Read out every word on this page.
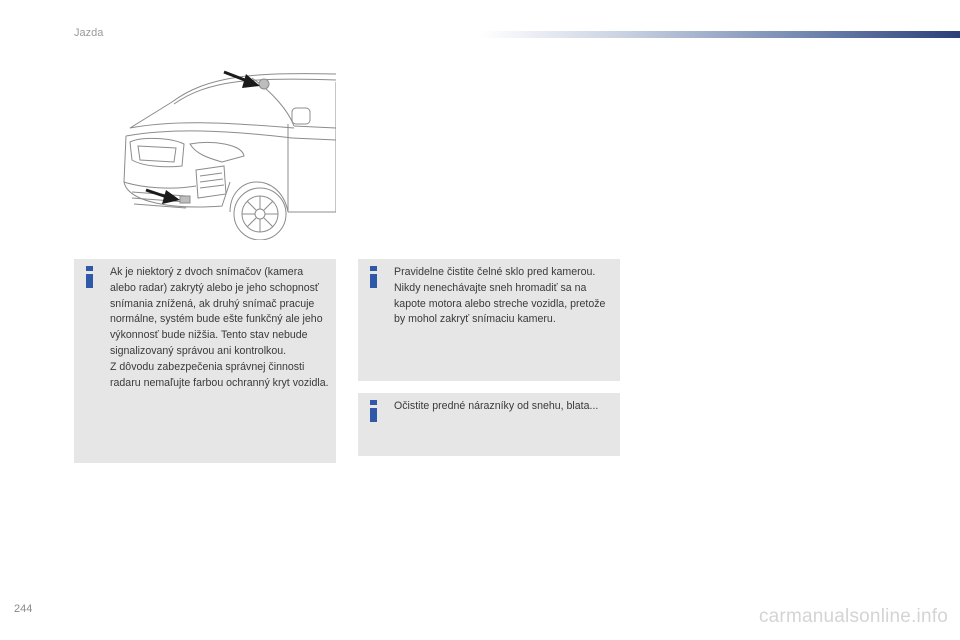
Jazda

Ak je niektorý z dvoch snímačov (kamera alebo radar) zakrytý alebo je jeho schopnosť snímania znížená, ak druhý snímač pracuje normálne, systém bude ešte funkčný ale jeho výkonnosť bude nižšia. Tento stav nebude signalizovaný správou ani kontrolkou.

Z dôvodu zabezpečenia správnej činnosti radaru nemaľujte farbou ochranný kryt vozidla.

Pravidelne čistite čelné sklo pred kamerou.

Nikdy nenechávajte sneh hromadiť sa na kapote motora alebo streche vozidla, pretože by mohol zakryť snímaciu kameru.

Očistite predné nárazníky od snehu, blata...

244	carmanualsonline.info
